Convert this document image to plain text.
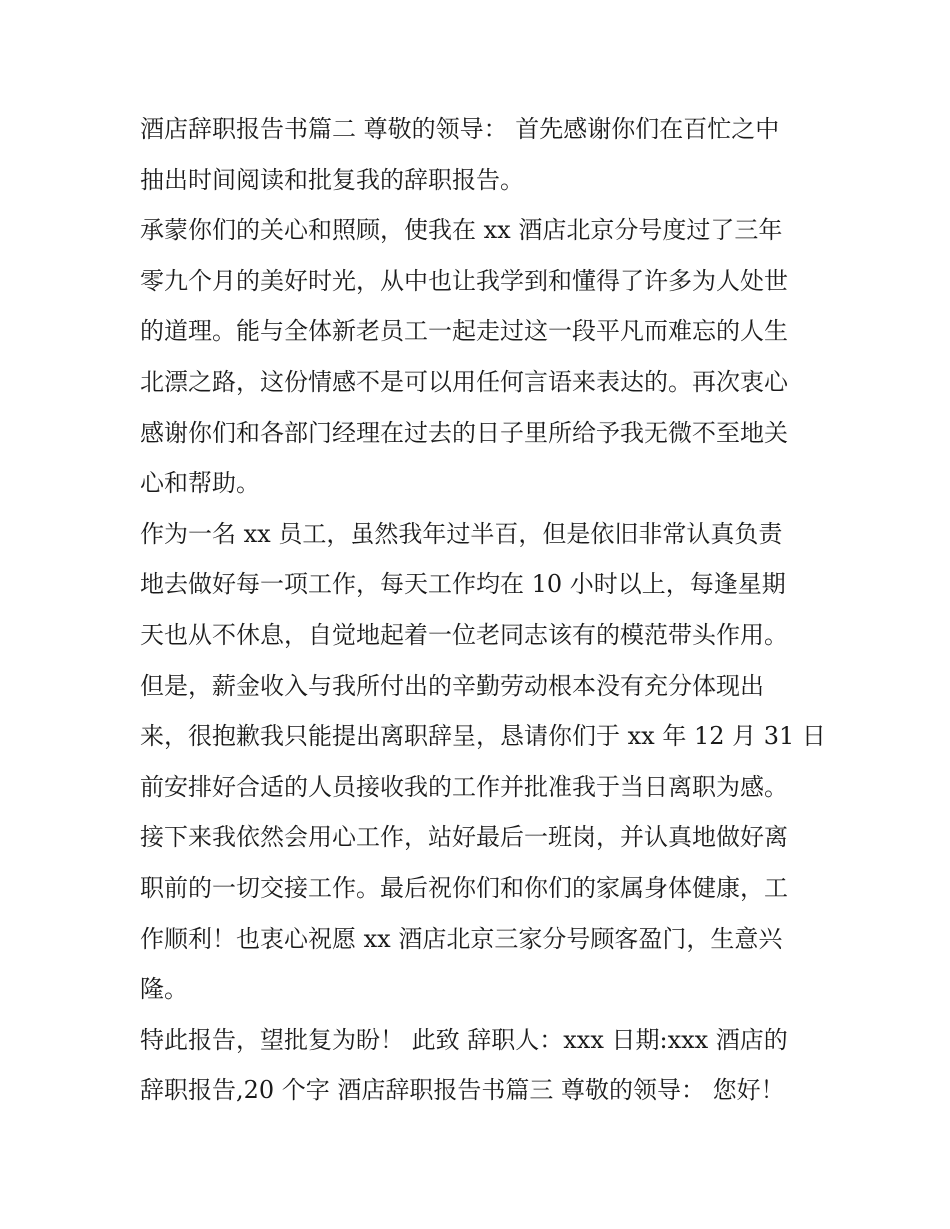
酒店辞职报告书篇二 尊敬的领导： 首先感谢你们在百忙之中
抽出时间阅读和批复我的辞职报告。
承蒙你们的关心和照顾，使我在 xx 酒店北京分号度过了三年
零九个月的美好时光，从中也让我学到和懂得了许多为人处世
的道理。能与全体新老员工一起走过这一段平凡而难忘的人生
北漂之路，这份情感不是可以用任何言语来表达的。再次衷心
感谢你们和各部门经理在过去的日子里所给予我无微不至地关
心和帮助。
作为一名 xx 员工，虽然我年过半百，但是依旧非常认真负责
地去做好每一项工作，每天工作均在 10 小时以上，每逢星期
天也从不休息，自觉地起着一位老同志该有的模范带头作用。
但是，薪金收入与我所付出的辛勤劳动根本没有充分体现出
来，很抱歉我只能提出离职辞呈，恳请你们于 xx 年 12 月 31 日
前安排好合适的人员接收我的工作并批准我于当日离职为感。
接下来我依然会用心工作，站好最后一班岗，并认真地做好离
职前的一切交接工作。最后祝你们和你们的家属身体健康，工
作顺利！也衷心祝愿 xx 酒店北京三家分号顾客盈门，生意兴
隆。
特此报告，望批复为盼！ 此致 辞职人：xxx 日期:xxx 酒店的
辞职报告,20 个字 酒店辞职报告书篇三 尊敬的领导： 您好！
